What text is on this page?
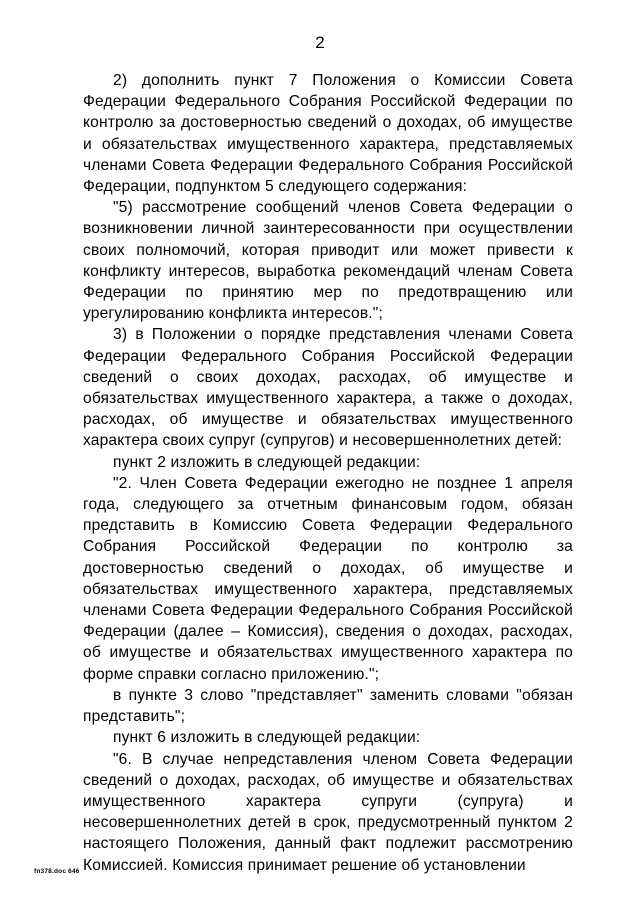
2

2) дополнить пункт 7 Положения о Комиссии Совета Федерации Федерального Собрания Российской Федерации по контролю за достоверностью сведений о доходах, об имуществе и обязательствах имущественного характера, представляемых членами Совета Федерации Федерального Собрания Российской Федерации, подпунктом 5 следующего содержания:

"5) рассмотрение сообщений членов Совета Федерации о возникновении личной заинтересованности при осуществлении своих полномочий, которая приводит или может привести к конфликту интересов, выработка рекомендаций членам Совета Федерации по принятию мер по предотвращению или урегулированию конфликта интересов.";

3) в Положении о порядке представления членами Совета Федерации Федерального Собрания Российской Федерации сведений о своих доходах, расходах, об имуществе и обязательствах имущественного характера, а также о доходах, расходах, об имуществе и обязательствах имущественного характера своих супруг (супругов) и несовершеннолетних детей:

пункт 2 изложить в следующей редакции:

"2. Член Совета Федерации ежегодно не позднее 1 апреля года, следующего за отчетным финансовым годом, обязан представить в Комиссию Совета Федерации Федерального Собрания Российской Федерации по контролю за достоверностью сведений о доходах, об имуществе и обязательствах имущественного характера, представляемых членами Совета Федерации Федерального Собрания Российской Федерации (далее – Комиссия), сведения о доходах, расходах, об имуществе и обязательствах имущественного характера по форме справки согласно приложению.";

в пункте 3 слово "представляет" заменить словами "обязан представить";

пункт 6 изложить в следующей редакции:

"6. В случае непредставления членом Совета Федерации сведений о доходах, расходах, об имуществе и обязательствах имущественного характера супруги (супруга) и несовершеннолетних детей в срок, предусмотренный пунктом 2 настоящего Положения, данный факт подлежит рассмотрению Комиссией. Комиссия принимает решение об установлении

fn378.doc 646
